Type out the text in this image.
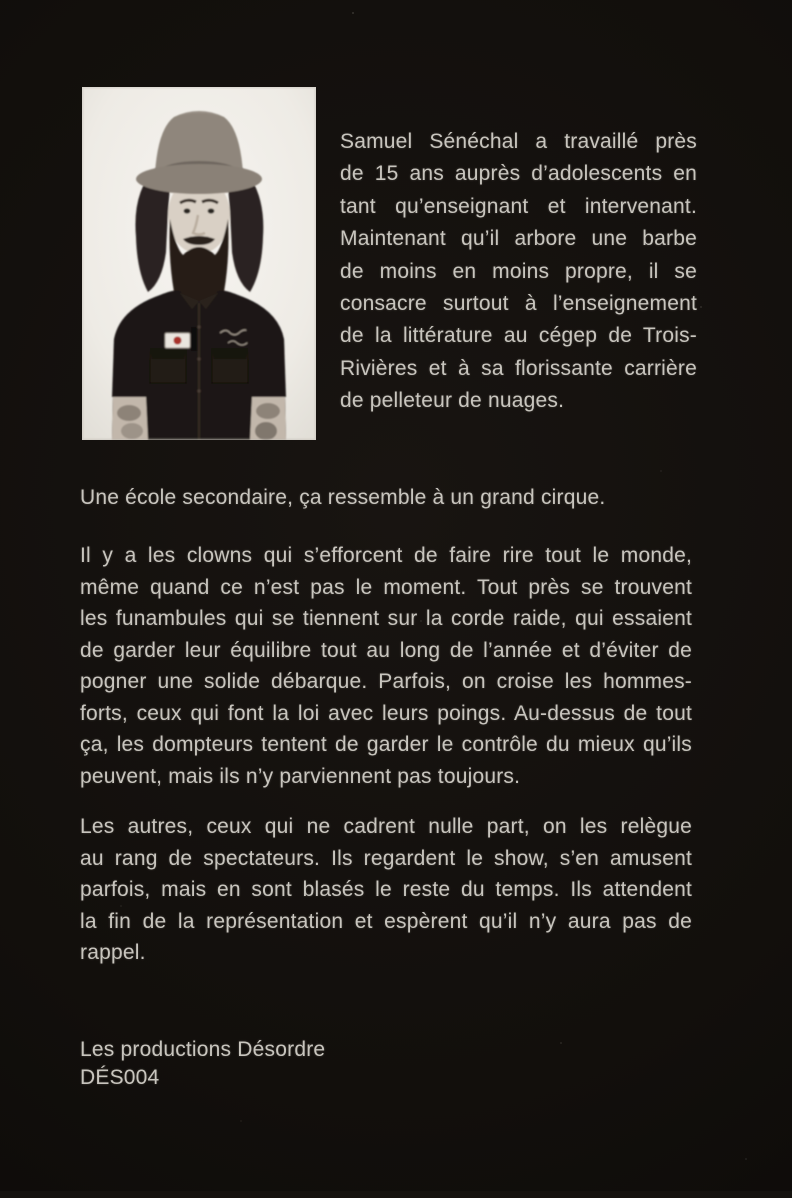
Samuel Sénéchal a travaillé près
de 15 ans auprès d’adolescents en
tant qu’enseignant et intervenant.
Maintenant qu’il arbore une barbe
de moins en moins propre, il se
consacre surtout à l’enseignement
de la littérature au cégep de Trois-
Rivières et à sa florissante carrière
de pelleteur de nuages.
Une école secondaire, ça ressemble à un grand cirque.
Il y a les clowns qui s’efforcent de faire rire tout le monde,
même quand ce n’est pas le moment. Tout près se trouvent
les funambules qui se tiennent sur la corde raide, qui essaient
de garder leur équilibre tout au long de l’année et d’éviter de
pogner une solide débarque. Parfois, on croise les hommes-
forts, ceux qui font la loi avec leurs poings. Au-dessus de tout
ça, les dompteurs tentent de garder le contrôle du mieux qu’ils
peuvent, mais ils n’y parviennent pas toujours.
Les autres, ceux qui ne cadrent nulle part, on les relègue
au rang de spectateurs. Ils regardent le show, s’en amusent
parfois, mais en sont blasés le reste du temps. Ils attendent
la fin de la représentation et espèrent qu’il n’y aura pas de
rappel.
Les productions Désordre
DÉS004
